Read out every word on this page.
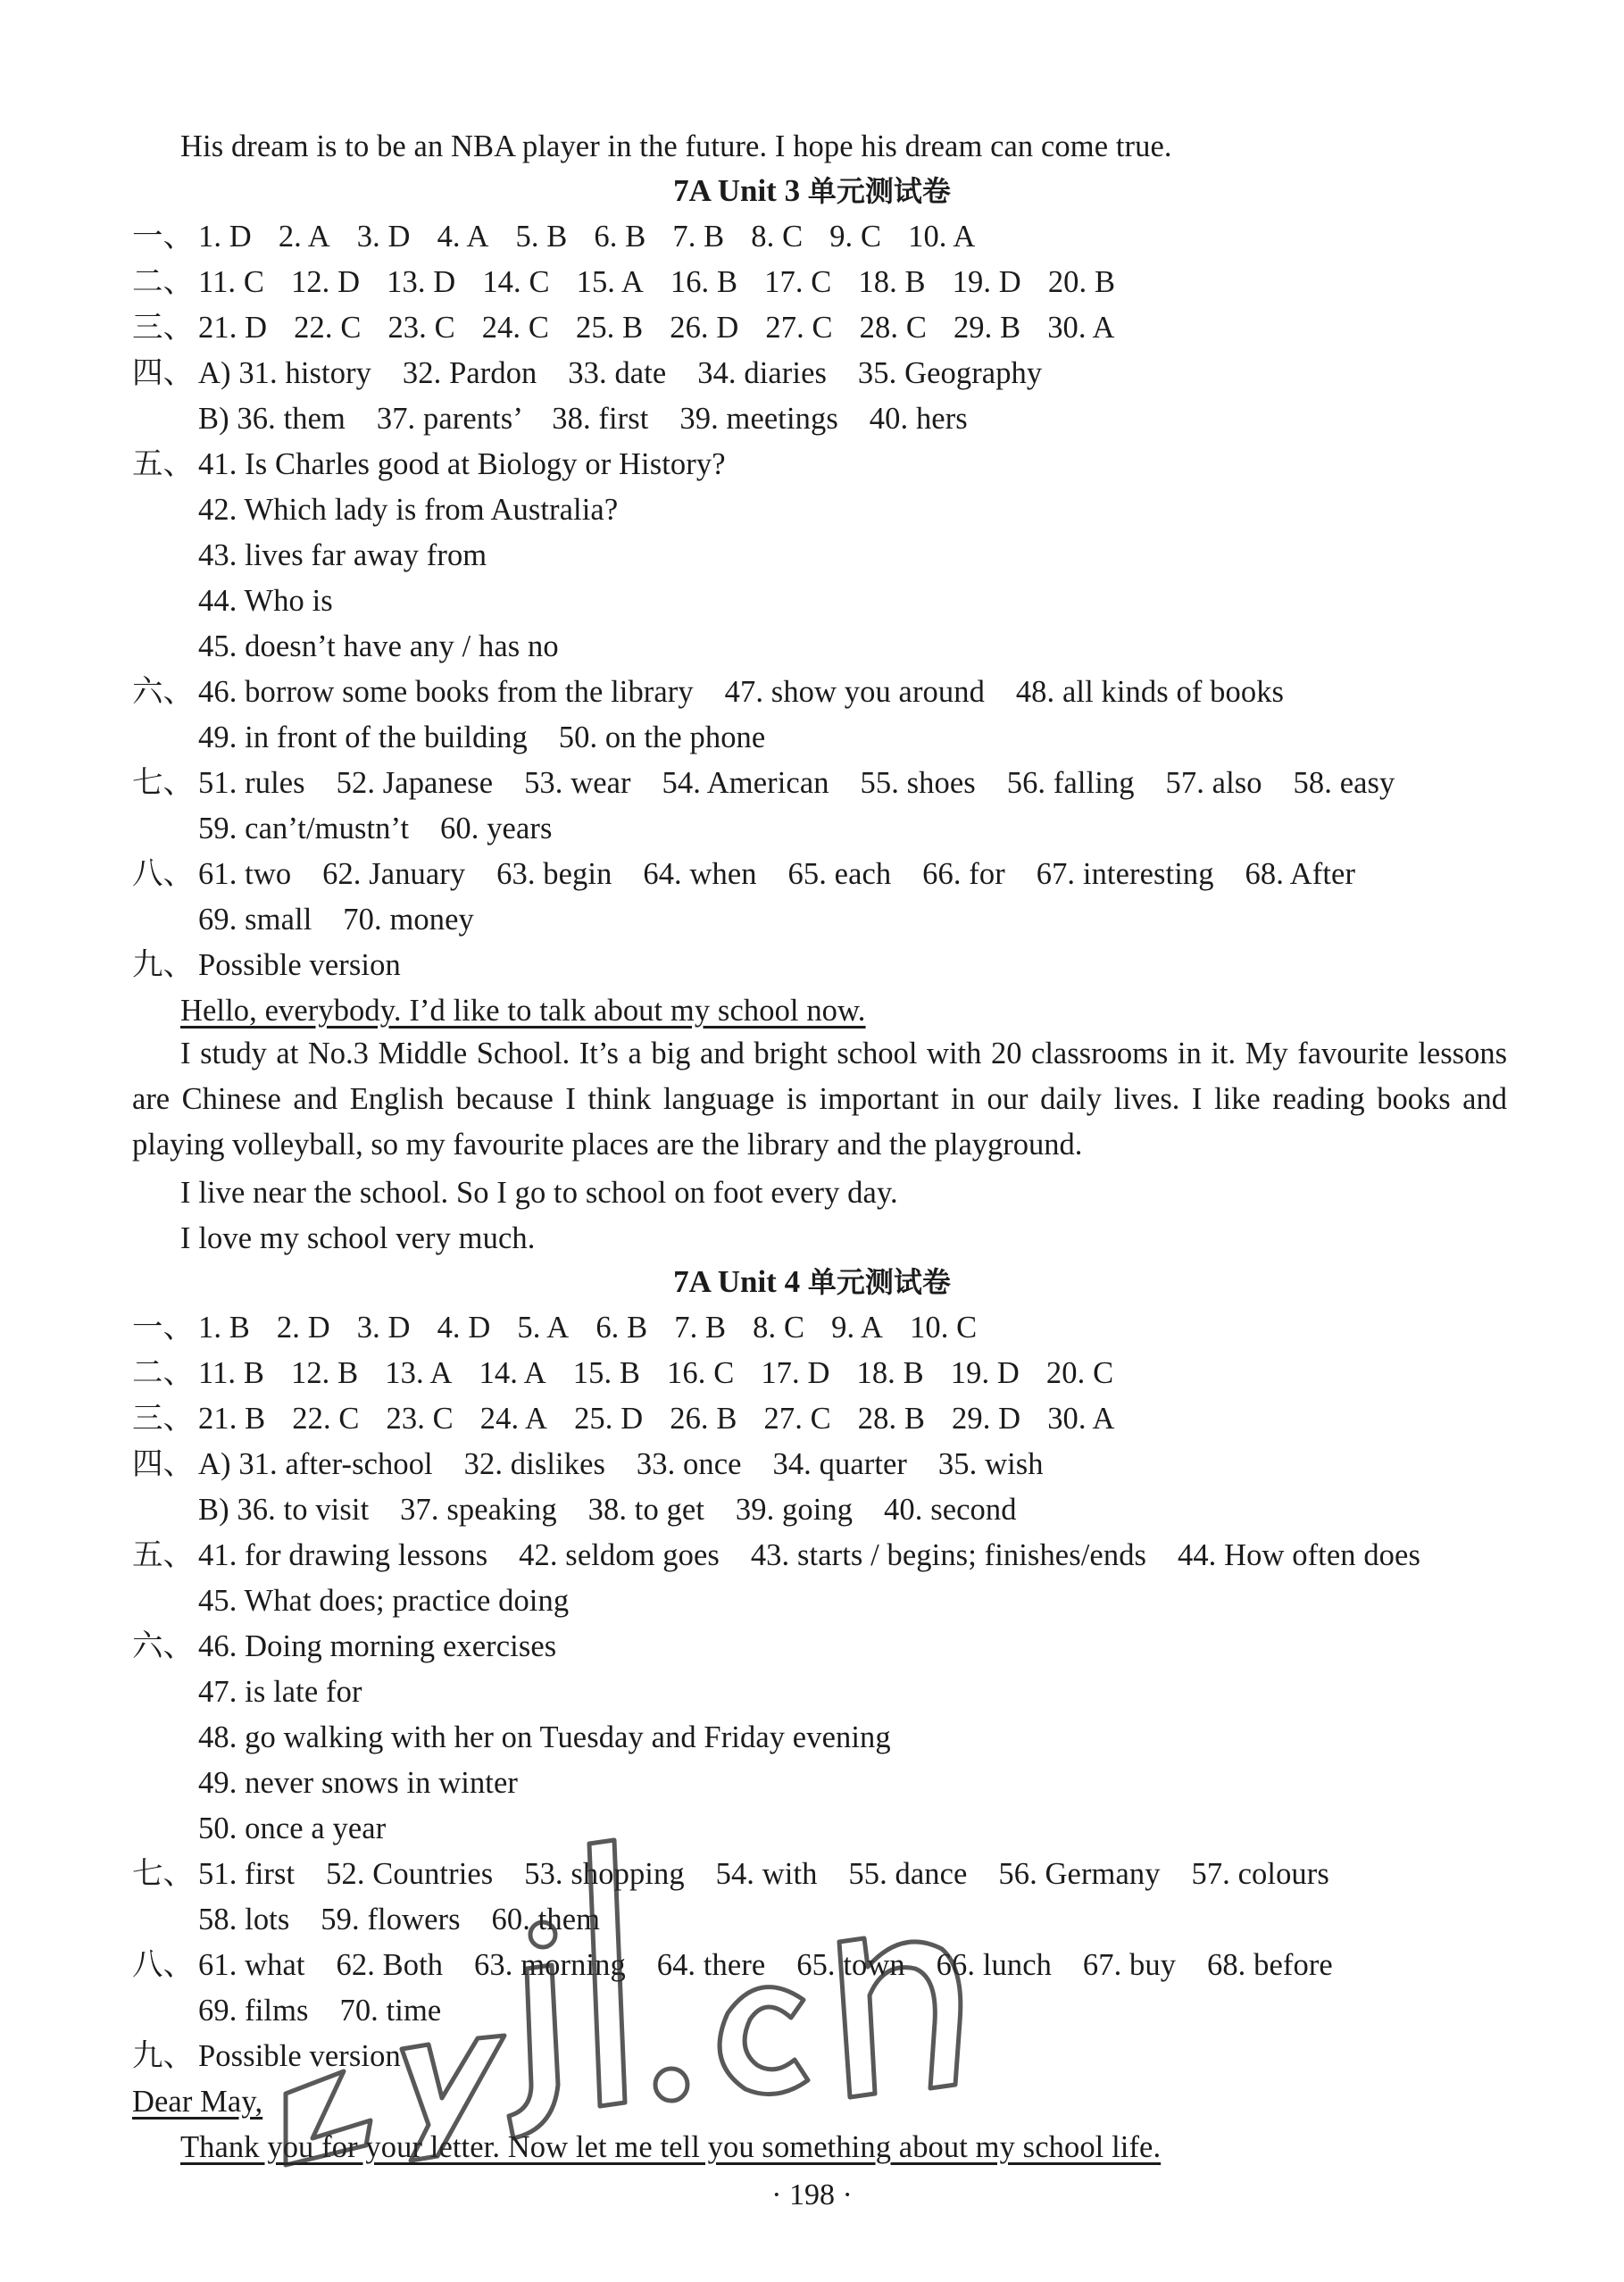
His dream is to be an NBA player in the future. I hope his dream can come true.
7A Unit 3 单元测试卷
一、 1. D 2. A 3. D 4. A 5. B 6. B 7. B 8. C 9. C 10. A
二、 11. C 12. D 13. D 14. C 15. A 16. B 17. C 18. B 19. D 20. B
三、 21. D 22. C 23. C 24. C 25. B 26. D 27. C 28. C 29. B 30. A
四、 A) 31. history    32. Pardon    33. date    34. diaries    35. Geography
B) 36. them    37. parents’    38. first    39. meetings    40. hers
五、 41. Is Charles good at Biology or History?
42. Which lady is from Australia?
43. lives far away from
44. Who is
45. doesn’t have any / has no
六、 46. borrow some books from the library    47. show you around    48. all kinds of books
49. in front of the building    50. on the phone
七、 51. rules    52. Japanese    53. wear    54. American    55. shoes    56. falling    57. also    58. easy
59. can’t/mustn’t    60. years
八、 61. two    62. January    63. begin    64. when    65. each    66. for    67. interesting    68. After
69. small    70. money
九、 Possible version
Hello, everybody. I’d like to talk about my school now.
I study at No.3 Middle School. It’s a big and bright school with 20 classrooms in it. My favourite lessons are Chinese and English because I think language is important in our daily lives. I like reading books and playing volleyball, so my favourite places are the library and the playground.
I live near the school. So I go to school on foot every day.
I love my school very much.
7A Unit 4 单元测试卷
一、 1. B 2. D 3. D 4. D 5. A 6. B 7. B 8. C 9. A 10. C
二、 11. B 12. B 13. A 14. A 15. B 16. C 17. D 18. B 19. D 20. C
三、 21. B 22. C 23. C 24. A 25. D 26. B 27. C 28. B 29. D 30. A
四、 A) 31. after-school    32. dislikes    33. once    34. quarter    35. wish
B) 36. to visit    37. speaking    38. to get    39. going    40. second
五、 41. for drawing lessons    42. seldom goes    43. starts / begins; finishes/ends    44. How often does
45. What does; practice doing
六、 46. Doing morning exercises
47. is late for
48. go walking with her on Tuesday and Friday evening
49. never snows in winter
50. once a year
七、 51. first    52. Countries    53. shopping    54. with    55. dance    56. Germany    57. colours
58. lots    59. flowers    60. them
八、 61. what    62. Both    63. morning    64. there    65. town    66. lunch    67. buy    68. before
69. films    70. time
九、 Possible version
Dear May,
Thank you for your letter. Now let me tell you something about my school life.
· 198 ·
